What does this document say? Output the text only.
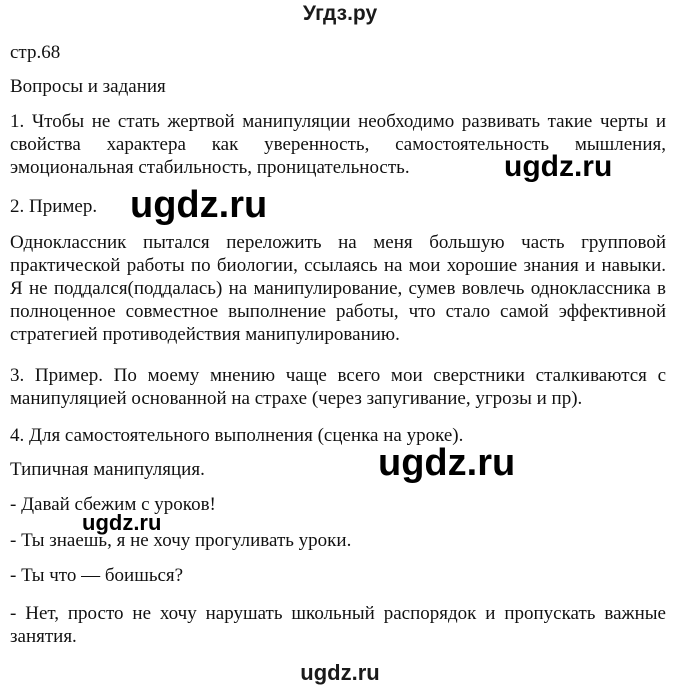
Угдз.ру
стр.68
Вопросы и задания
1. Чтобы не стать жертвой манипуляции необходимо развивать такие черты и свойства характера как уверенность, самостоятельность мышления, эмоциональная стабильность, проницательность.
2. Пример.
Одноклассник пытался переложить на меня большую часть групповой практической работы по биологии, ссылаясь на мои хорошие знания и навыки. Я не поддался(поддалась) на манипулирование, сумев вовлечь одноклассника в полноценное совместное выполнение работы, что стало самой эффективной стратегией противодействия манипулированию.
3. Пример. По моему мнению чаще всего мои сверстники сталкиваются с манипуляцией основанной на страхе (через запугивание, угрозы и пр).
4. Для самостоятельного выполнения (сценка на уроке).
Типичная манипуляция.
- Давай сбежим с уроков!
- Ты знаешь, я не хочу прогуливать уроки.
- Ты что — боишься?
- Нет, просто не хочу нарушать школьный распорядок и пропускать важные занятия.
ugdz.ru
ugdz.ru
ugdz.ru
ugdz.ru
ugdz.ru
